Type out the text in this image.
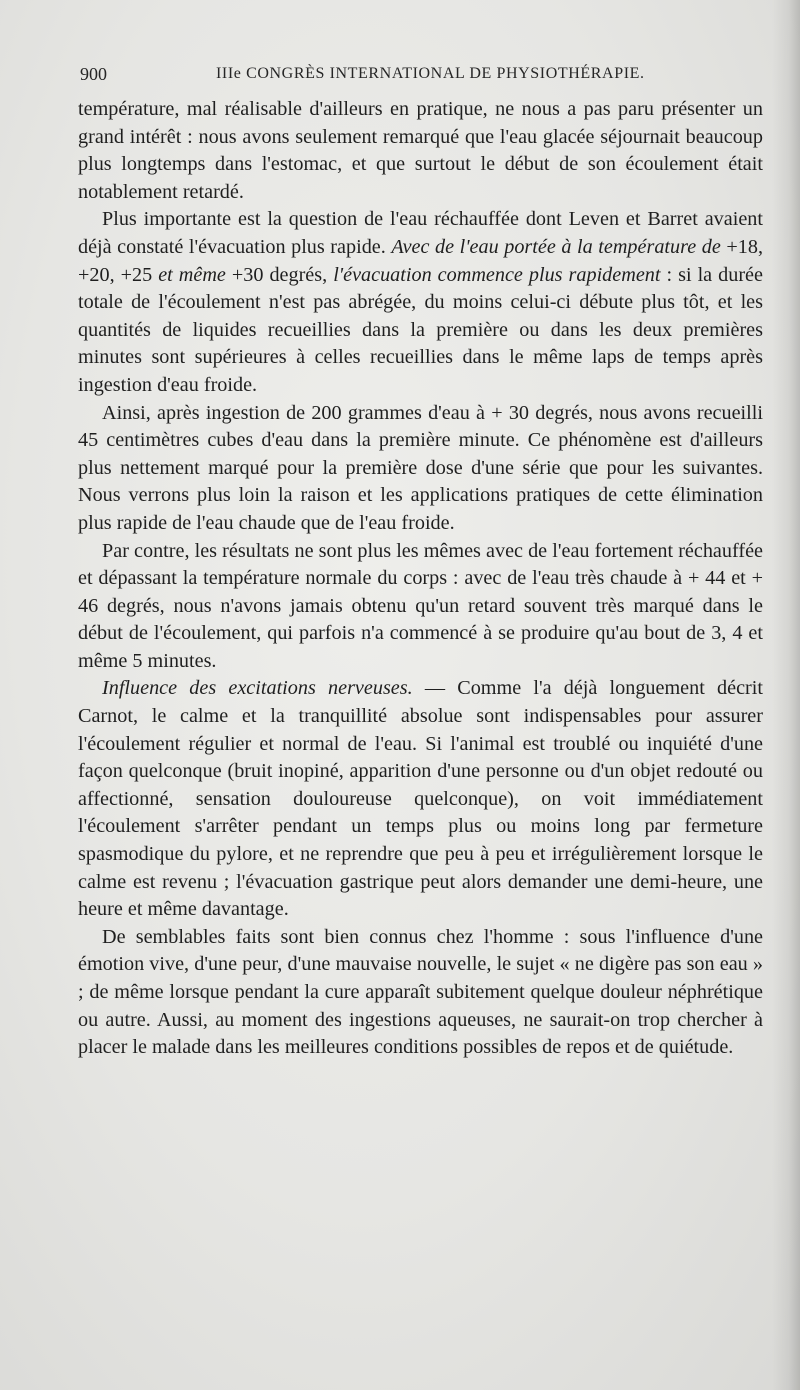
900	IIIe CONGRÈS INTERNATIONAL DE PHYSIOTHÉRAPIE.

température, mal réalisable d'ailleurs en pratique, ne nous a pas paru présenter un grand intérêt : nous avons seulement remarqué que l'eau glacée séjournait beaucoup plus longtemps dans l'estomac, et que surtout le début de son écoulement était notablement retardé.

Plus importante est la question de l'eau réchauffée dont Leven et Barret avaient déjà constaté l'évacuation plus rapide. Avec de l'eau portée à la température de +18, +20, +25 et même +30 degrés, l'évacuation commence plus rapidement : si la durée totale de l'écoulement n'est pas abrégée, du moins celui-ci débute plus tôt, et les quantités de liquides recueillies dans la première ou dans les deux premières minutes sont supérieures à celles recueillies dans le même laps de temps après ingestion d'eau froide.

Ainsi, après ingestion de 200 grammes d'eau à + 30 degrés, nous avons recueilli 45 centimètres cubes d'eau dans la première minute. Ce phénomène est d'ailleurs plus nettement marqué pour la première dose d'une série que pour les suivantes. Nous verrons plus loin la raison et les applications pratiques de cette élimination plus rapide de l'eau chaude que de l'eau froide.

Par contre, les résultats ne sont plus les mêmes avec de l'eau fortement réchauffée et dépassant la température normale du corps : avec de l'eau très chaude à + 44 et + 46 degrés, nous n'avons jamais obtenu qu'un retard souvent très marqué dans le début de l'écoulement, qui parfois n'a commencé à se produire qu'au bout de 3, 4 et même 5 minutes.

Influence des excitations nerveuses. — Comme l'a déjà longuement décrit Carnot, le calme et la tranquillité absolue sont indispensables pour assurer l'écoulement régulier et normal de l'eau. Si l'animal est troublé ou inquiété d'une façon quelconque (bruit inopiné, apparition d'une personne ou d'un objet redouté ou affectionné, sensation douloureuse quelconque), on voit immédiatement l'écoulement s'arrêter pendant un temps plus ou moins long par fermeture spasmodique du pylore, et ne reprendre que peu à peu et irrégulièrement lorsque le calme est revenu ; l'évacuation gastrique peut alors demander une demi-heure, une heure et même davantage.

De semblables faits sont bien connus chez l'homme : sous l'influence d'une émotion vive, d'une peur, d'une mauvaise nouvelle, le sujet « ne digère pas son eau » ; de même lorsque pendant la cure apparaît subitement quelque douleur néphrétique ou autre. Aussi, au moment des ingestions aqueuses, ne saurait-on trop chercher à placer le malade dans les meilleures conditions possibles de repos et de quiétude.
